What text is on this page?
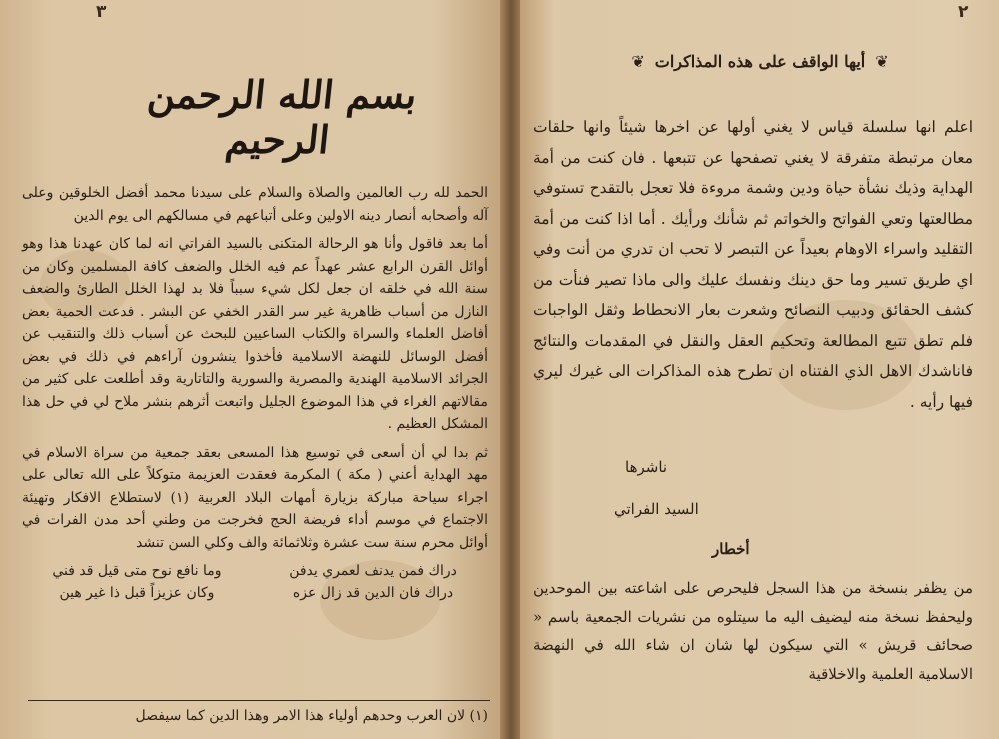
٣
بسم الله الرحمن الرحيم

الحمد لله رب العالمين والصلاة والسلام على سيدنا محمد أفضل الخلوقين وعلى آله وأصحابه أنصار دينه الاولين وعلى أتباعهم في مسالكهم الى يوم الدين

أما بعد فاقول وأنا هو الرحالة المتكنى بالسيد الفراتي انه لما كان عهدنا هذا وهو أوائل القرن الرابع عشر عهداً عم فيه الخلل والضعف كافة المسلمين وكان من سنة الله في خلقه ان جعل لكل شيء سبباً فلا بد لهذا الخلل الطارئ والضعف النازل من أسباب ظاهرية غير سر القدر الخفي عن البشر . فدعت الحمية بعض أفاضل العلماء والسراة والكتاب الساعيين للبحث عن أسباب ذلك والتنقيب عن أفضل الوسائل للنهضة الاسلامية فأخذوا ينشرون آراءهم في ذلك في بعض الجرائد الاسلامية الهندية والمصرية والسورية والتاتارية وقد أطلعت على كثير من مقالاتهم الغراء في هذا الموضوع الجليل واتبعت أثرهم بنشر ملاح لي في حل هذا المشكل العظيم .

ثم بدا لي أن أسعى في توسيع هذا المسعى بعقد جمعية من سراة الاسلام في مهد الهداية أعني ( مكة ) المكرمة فعقدت العزيمة متوكلاً على الله تعالى على اجراء سياحة مباركة بزيارة أمهات البلاد العربية (١) لاستطلاع الافكار وتهيئة الاجتماع في موسم أداء فريضة الحج فخرجت من وطني أحد مدن الفرات في أوائل محرم سنة ست عشرة وثلاثمائة والف وكلي السن تنشد

دراك فمن يدنف لعمري يدفن
وما نافع نوح متى قيل قد فني
دراك فان الدين قد زال عزه
وكان عزيزاً قبل ذا غير هين
٢
(١) لان العرب وحدهم أولياء هذا الامر وهذا الدين كما سيفصل
❦
أيها الواقف على هذه المذاكرات
❦

اعلم انها سلسلة قياس لا يغني أولها عن اخرها شيئاً وانها حلقات معان مرتبطة متفرقة لا يغني تصفحها عن تتبعها . فان كنت من أمة الهداية وذيك نشأة حياة ودين وشمة مروءة فلا تعجل بالتقدح تستوفي مطالعتها وتعي الفواتح والخواتم ثم شأنك ورأيك . أما اذا كنت من أمة التقليد واسراء الاوهام بعيداً عن التبصر لا تحب ان تدري من أنت وفي اي طريق تسير وما حق دينك ونفسك عليك والى ماذا تصير فنأت من كشف الحقائق ودبيب النصائح وشعرت بعار الانحطاط وثقل الواجبات فلم تطق تتبع المطالعة وتحكيم العقل والنقل في المقدمات والنتائج فاناشدك الاهل الذي الفتناه ان تطرح هذه المذاكرات الى غيرك ليري فيها رأيه .

ناشرها
السيد الفراتي
أخطار

من يظفر بنسخة من هذا السجل فليحرص على اشاعته بين الموحدين وليحفظ نسخة منه ليضيف اليه ما سيتلوه من نشريات الجمعية باسم « صحائف قريش » التي سيكون لها شان ان شاء الله في النهضة الاسلامية العلمية والاخلاقية
